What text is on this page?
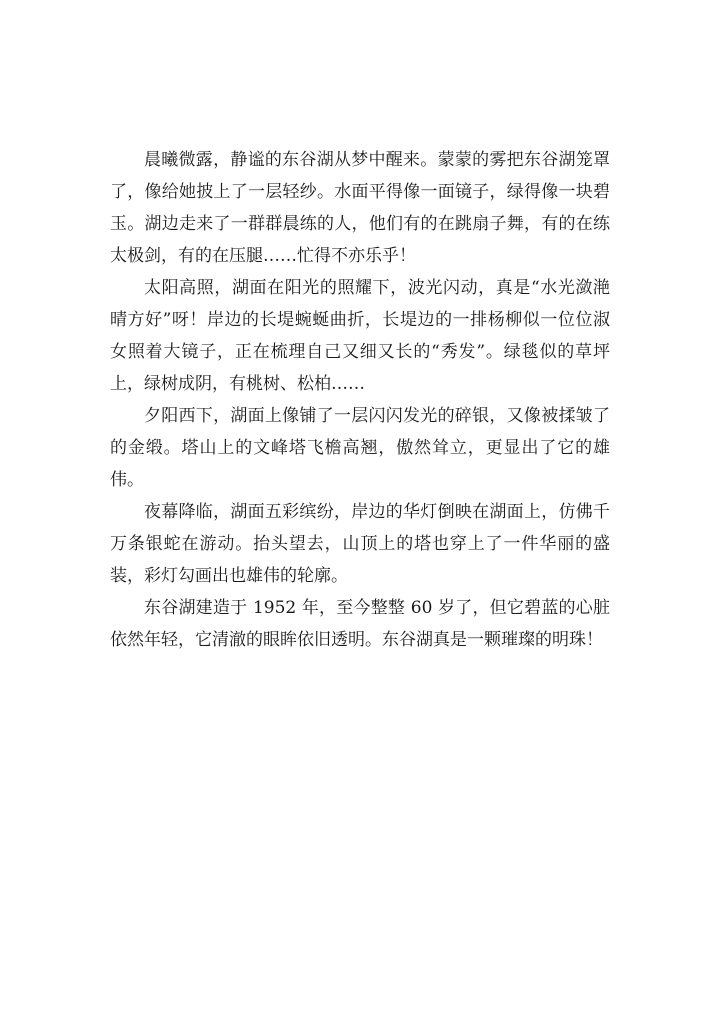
晨曦微露，静谧的东谷湖从梦中醒来。蒙蒙的雾把东谷湖笼罩了，像给她披上了一层轻纱。水面平得像一面镜子，绿得像一块碧玉。湖边走来了一群群晨练的人，他们有的在跳扇子舞，有的在练太极剑，有的在压腿……忙得不亦乐乎！

太阳高照，湖面在阳光的照耀下，波光闪动，真是“水光潋滟晴方好”呀！岸边的长堤蜿蜒曲折，长堤边的一排杨柳似一位位淑女照着大镜子，正在梳理自己又细又长的“秀发”。绿毯似的草坪上，绿树成阴，有桃树、松柏……

夕阳西下，湖面上像铺了一层闪闪发光的碎银，又像被揉皱了的金缎。塔山上的文峰塔飞檐高翘，傲然耸立，更显出了它的雄伟。

夜幕降临，湖面五彩缤纷，岸边的华灯倒映在湖面上，仿佛千万条银蛇在游动。抬头望去，山顶上的塔也穿上了一件华丽的盛装，彩灯勾画出也雄伟的轮廓。

东谷湖建造于 1952 年，至今整整 60 岁了，但它碧蓝的心脏依然年轻，它清澈的眼眸依旧透明。东谷湖真是一颗璀璨的明珠！
